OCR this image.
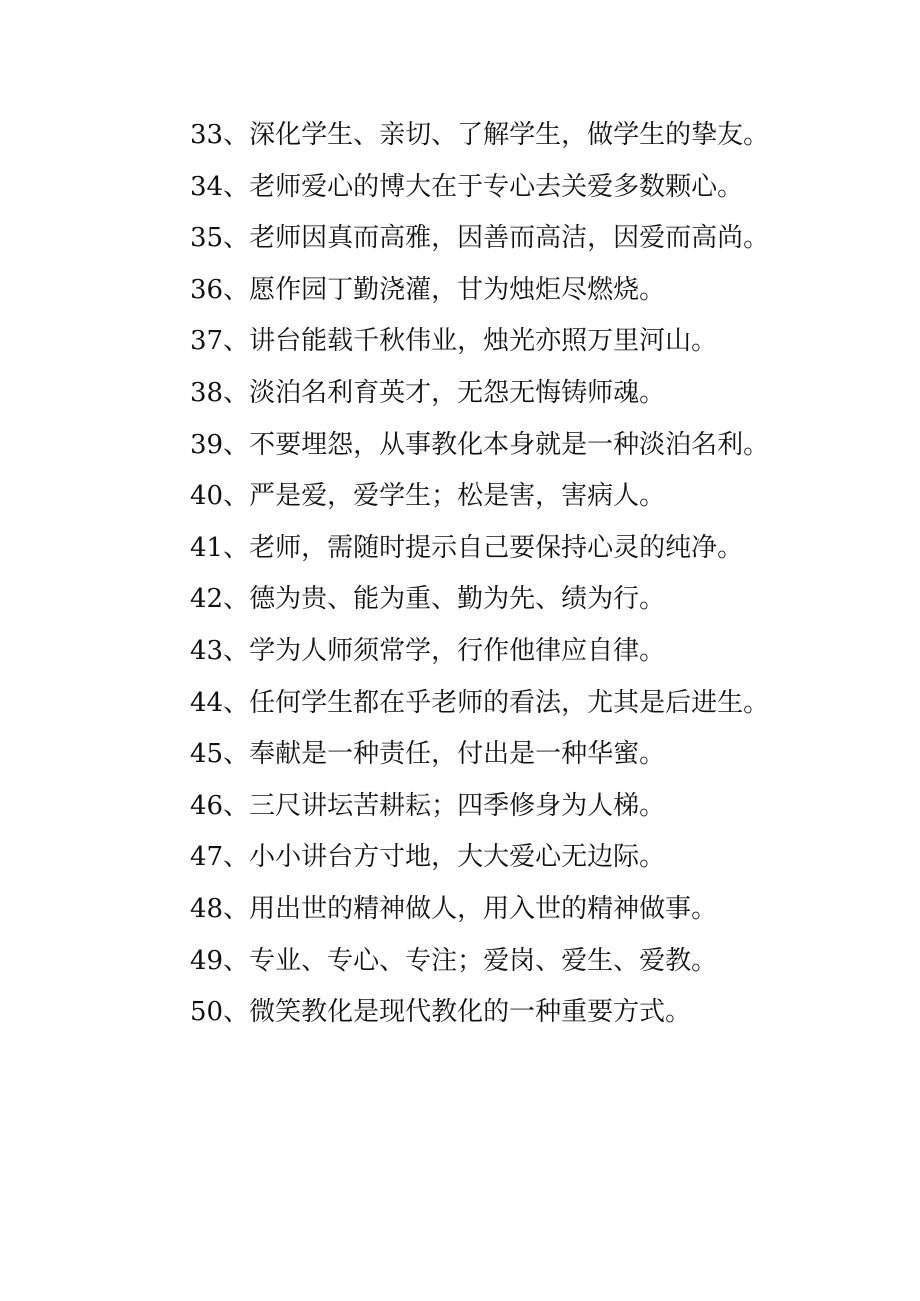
33、深化学生、亲切、了解学生，做学生的挚友。

34、老师爱心的博大在于专心去关爱多数颗心。

35、老师因真而高雅，因善而高洁，因爱而高尚。

36、愿作园丁勤浇灌，甘为烛炬尽燃烧。

37、讲台能载千秋伟业，烛光亦照万里河山。

38、淡泊名利育英才，无怨无悔铸师魂。

39、不要埋怨，从事教化本身就是一种淡泊名利。

40、严是爱，爱学生；松是害，害病人。

41、老师，需随时提示自己要保持心灵的纯净。

42、德为贵、能为重、勤为先、绩为行。

43、学为人师须常学，行作他律应自律。

44、任何学生都在乎老师的看法，尤其是后进生。

45、奉献是一种责任，付出是一种华蜜。

46、三尺讲坛苦耕耘；四季修身为人梯。

47、小小讲台方寸地，大大爱心无边际。

48、用出世的精神做人，用入世的精神做事。

49、专业、专心、专注；爱岗、爱生、爱教。

50、微笑教化是现代教化的一种重要方式。
